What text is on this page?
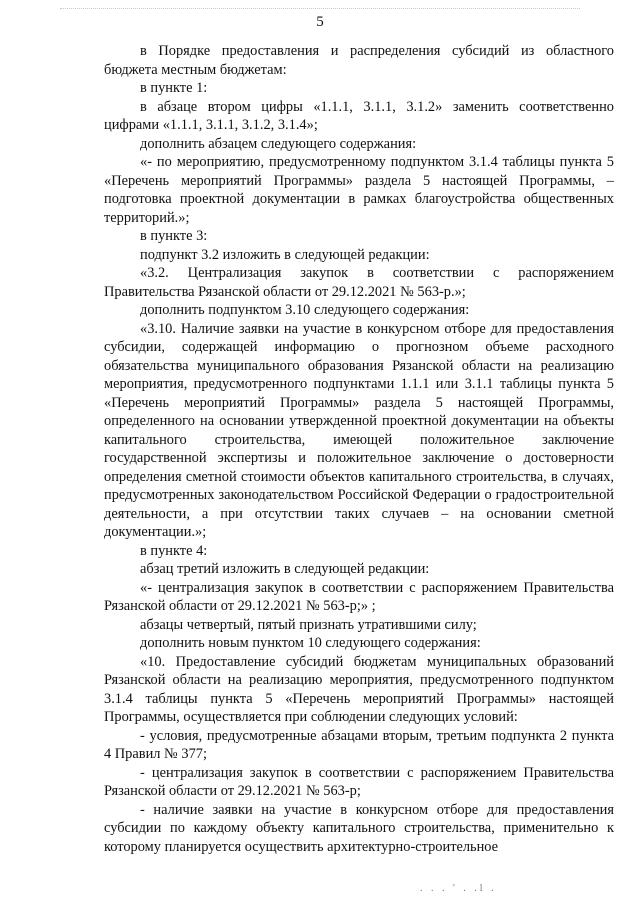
5

в Порядке предоставления и распределения субсидий из областного бюджета местным бюджетам:

в пункте 1:

в абзаце втором цифры «1.1.1, 3.1.1, 3.1.2» заменить соответственно цифрами «1.1.1, 3.1.1, 3.1.2, 3.1.4»;

дополнить абзацем следующего содержания:

«- по мероприятию, предусмотренному подпунктом 3.1.4 таблицы пункта 5 «Перечень мероприятий Программы» раздела 5 настоящей Программы, – подготовка проектной документации в рамках благоустройства общественных территорий.»;

в пункте 3:

подпункт 3.2 изложить в следующей редакции:

«3.2. Централизация закупок в соответствии с распоряжением Правительства Рязанской области от 29.12.2021 № 563-р.»;

дополнить подпунктом 3.10 следующего содержания:

«3.10. Наличие заявки на участие в конкурсном отборе для предоставления субсидии, содержащей информацию о прогнозном объеме расходного обязательства муниципального образования Рязанской области на реализацию мероприятия, предусмотренного подпунктами 1.1.1 или 3.1.1 таблицы пункта 5 «Перечень мероприятий Программы» раздела 5 настоящей Программы, определенного на основании утвержденной проектной документации на объекты капитального строительства, имеющей положительное заключение государственной экспертизы и положительное заключение о достоверности определения сметной стоимости объектов капитального строительства, в случаях, предусмотренных законодательством Российской Федерации о градостроительной деятельности, а при отсутствии таких случаев – на основании сметной документации.»;

в пункте 4:

абзац третий изложить в следующей редакции:

«- централизация закупок в соответствии с распоряжением Правительства Рязанской области от 29.12.2021 № 563-р;» ;

абзацы четвертый, пятый признать утратившими силу;

дополнить новым пунктом 10 следующего содержания:

«10. Предоставление субсидий бюджетам муниципальных образований Рязанской области на реализацию мероприятия, предусмотренного подпунктом 3.1.4 таблицы пункта 5 «Перечень мероприятий Программы» настоящей Программы, осуществляется при соблюдении следующих условий:

- условия, предусмотренные абзацами вторым, третьим подпункта 2 пункта 4 Правил № 377;

- централизация закупок в соответствии с распоряжением Правительства Рязанской области от 29.12.2021 № 563-р;

- наличие заявки на участие в конкурсном отборе для предоставления субсидии по каждому объекту капитального строительства, применительно к которому планируется осуществить архитектурно-строительное

. . . ' . .l .
